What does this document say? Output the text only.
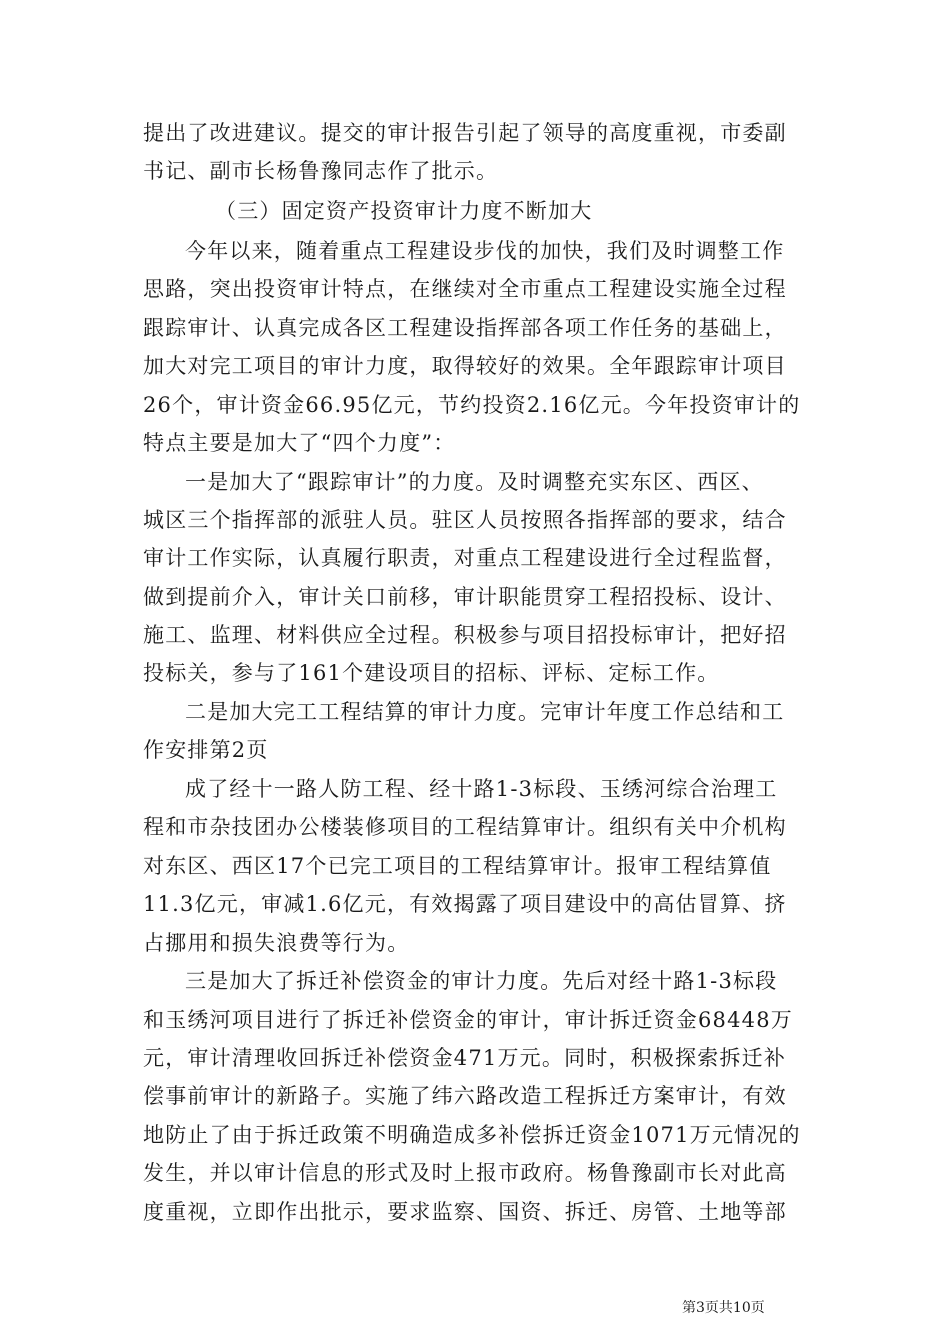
提出了改进建议。提交的审计报告引起了领导的高度重视，市委副
书记、副市长杨鲁豫同志作了批示。
（三）固定资产投资审计力度不断加大
今年以来，随着重点工程建设步伐的加快，我们及时调整工作
思路，突出投资审计特点，在继续对全市重点工程建设实施全过程
跟踪审计、认真完成各区工程建设指挥部各项工作任务的基础上，
加大对完工项目的审计力度，取得较好的效果。全年跟踪审计项目
26个，审计资金66.95亿元，节约投资2.16亿元。今年投资审计的
特点主要是加大了“四个力度”：
一是加大了“跟踪审计”的力度。及时调整充实东区、西区、
城区三个指挥部的派驻人员。驻区人员按照各指挥部的要求，结合
审计工作实际，认真履行职责，对重点工程建设进行全过程监督，
做到提前介入，审计关口前移，审计职能贯穿工程招投标、设计、
施工、监理、材料供应全过程。积极参与项目招投标审计，把好招
投标关，参与了161个建设项目的招标、评标、定标工作。
二是加大完工工程结算的审计力度。完审计年度工作总结和工
作安排第2页
成了经十一路人防工程、经十路1-3标段、玉绣河综合治理工
程和市杂技团办公楼装修项目的工程结算审计。组织有关中介机构
对东区、西区17个已完工项目的工程结算审计。报审工程结算值
11.3亿元，审减1.6亿元，有效揭露了项目建设中的高估冒算、挤
占挪用和损失浪费等行为。
三是加大了拆迁补偿资金的审计力度。先后对经十路1-3标段
和玉绣河项目进行了拆迁补偿资金的审计，审计拆迁资金68448万
元，审计清理收回拆迁补偿资金471万元。同时，积极探索拆迁补
偿事前审计的新路子。实施了纬六路改造工程拆迁方案审计，有效
地防止了由于拆迁政策不明确造成多补偿拆迁资金1071万元情况的
发生，并以审计信息的形式及时上报市政府。杨鲁豫副市长对此高
度重视，立即作出批示，要求监察、国资、拆迁、房管、土地等部
第3页共10页
